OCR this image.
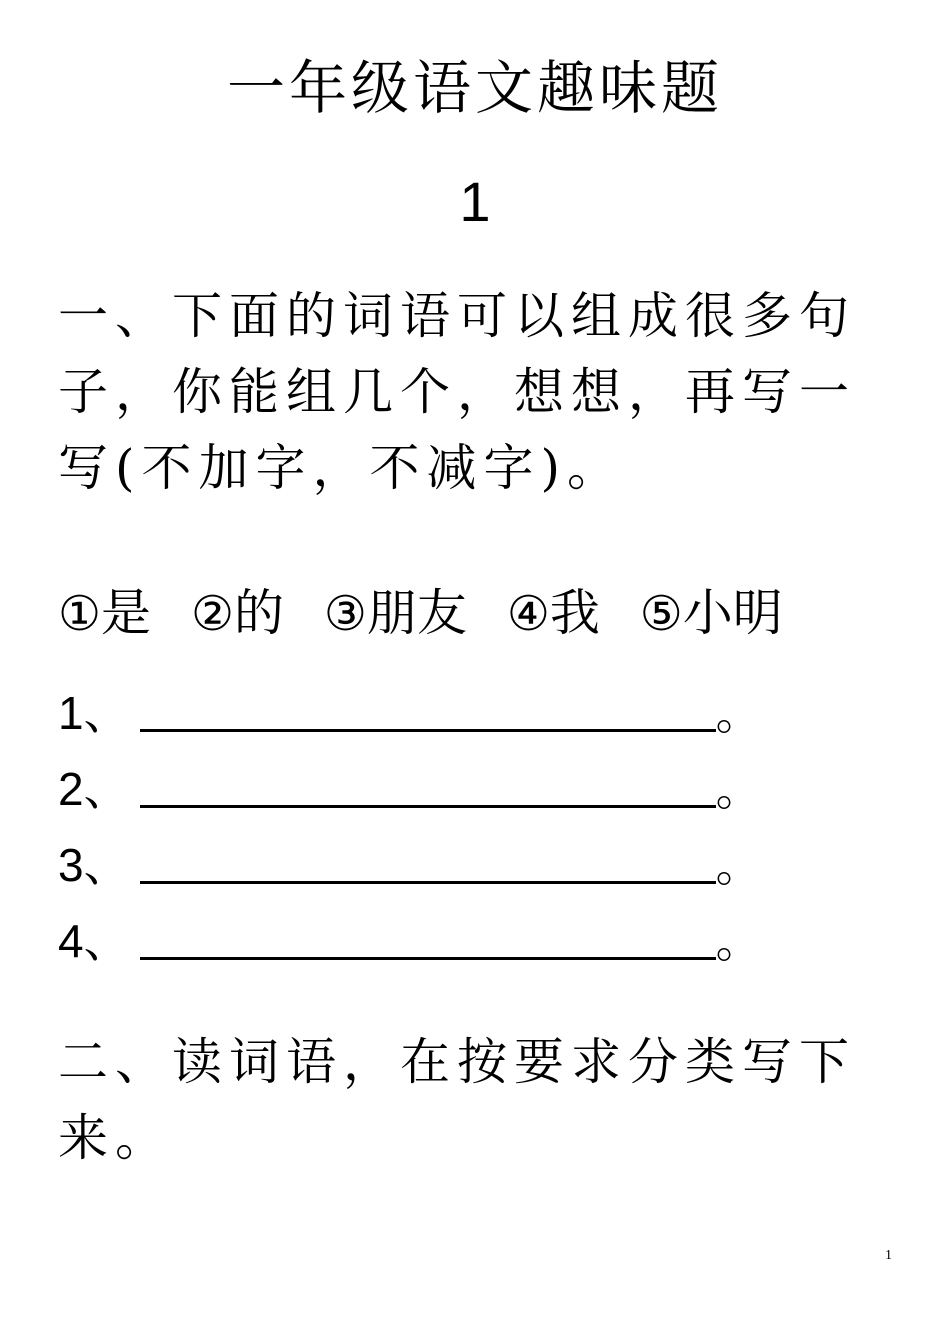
一年级语文趣味题
1
一、下面的词语可以组成很多句子，你能组几个，想想，再写一写(不加字，不减字)。
①是 ②的 ③朋友 ④我 ⑤小明
1 、	。
2 、	。
3 、	。
4 、	。
二、读词语，在按要求分类写下来。
1
